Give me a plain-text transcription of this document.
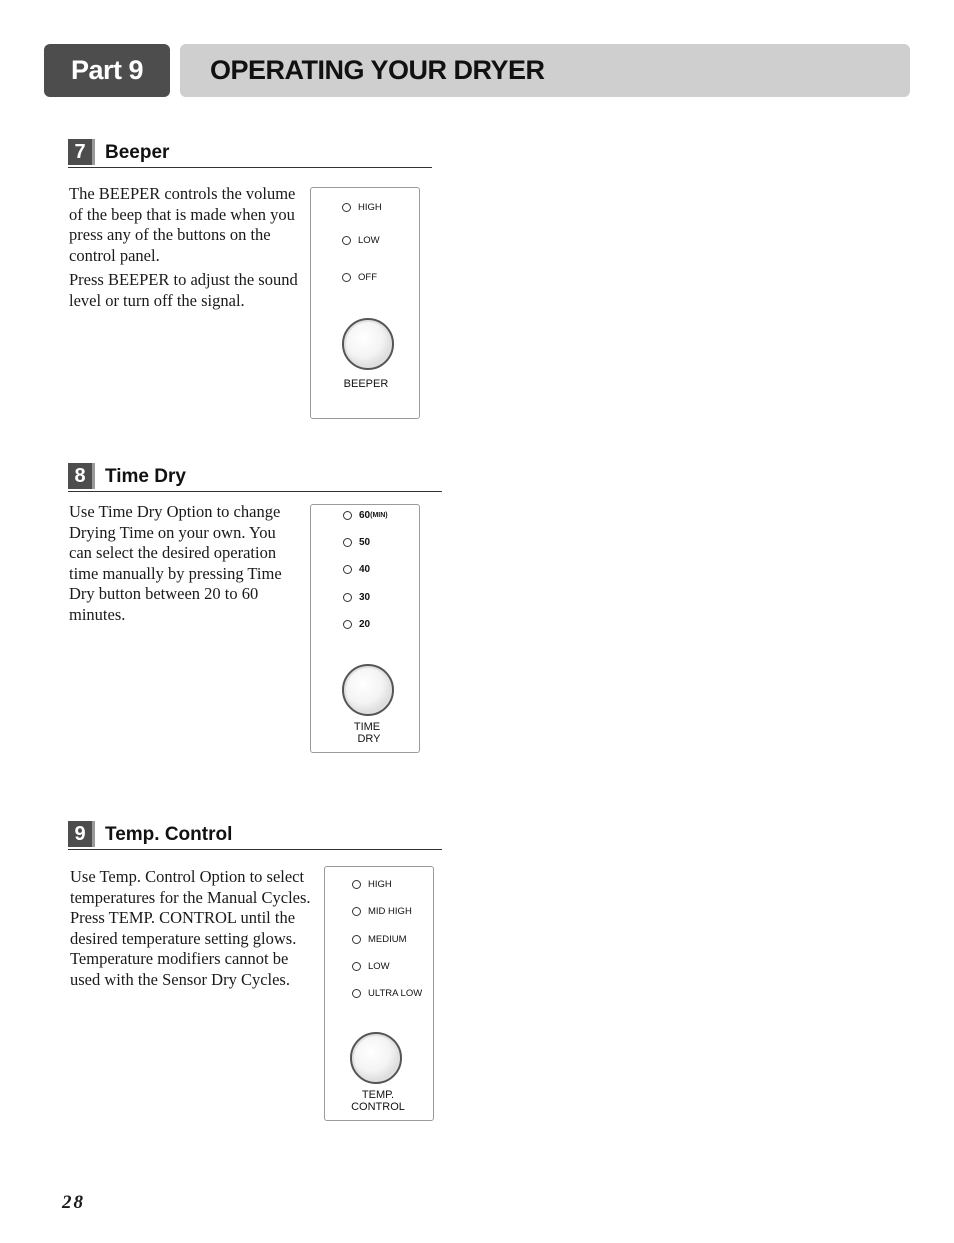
Part 9 OPERATING YOUR DRYER
7	Beeper

The BEEPER controls the volume of the beep that is made when you press any of the buttons on the control panel.

Press BEEPER to adjust the sound level or turn off the signal.

HIGH
LOW
OFF
BEEPER
8	Time Dry

Use Time Dry Option to change Drying Time on your own. You can select the desired operation time manually by pressing Time Dry button between 20 to 60 minutes.

60 (MIN)
50
40
30
20
TIME
DRY
9	Temp. Control

Use Temp. Control Option to select temperatures for the Manual Cycles. Press TEMP. CONTROL until the desired temperature setting glows. Temperature modifiers cannot be used with the Sensor Dry Cycles.

HIGH
MID HIGH
MEDIUM
LOW
ULTRA LOW
TEMP.
CONTROL
28
